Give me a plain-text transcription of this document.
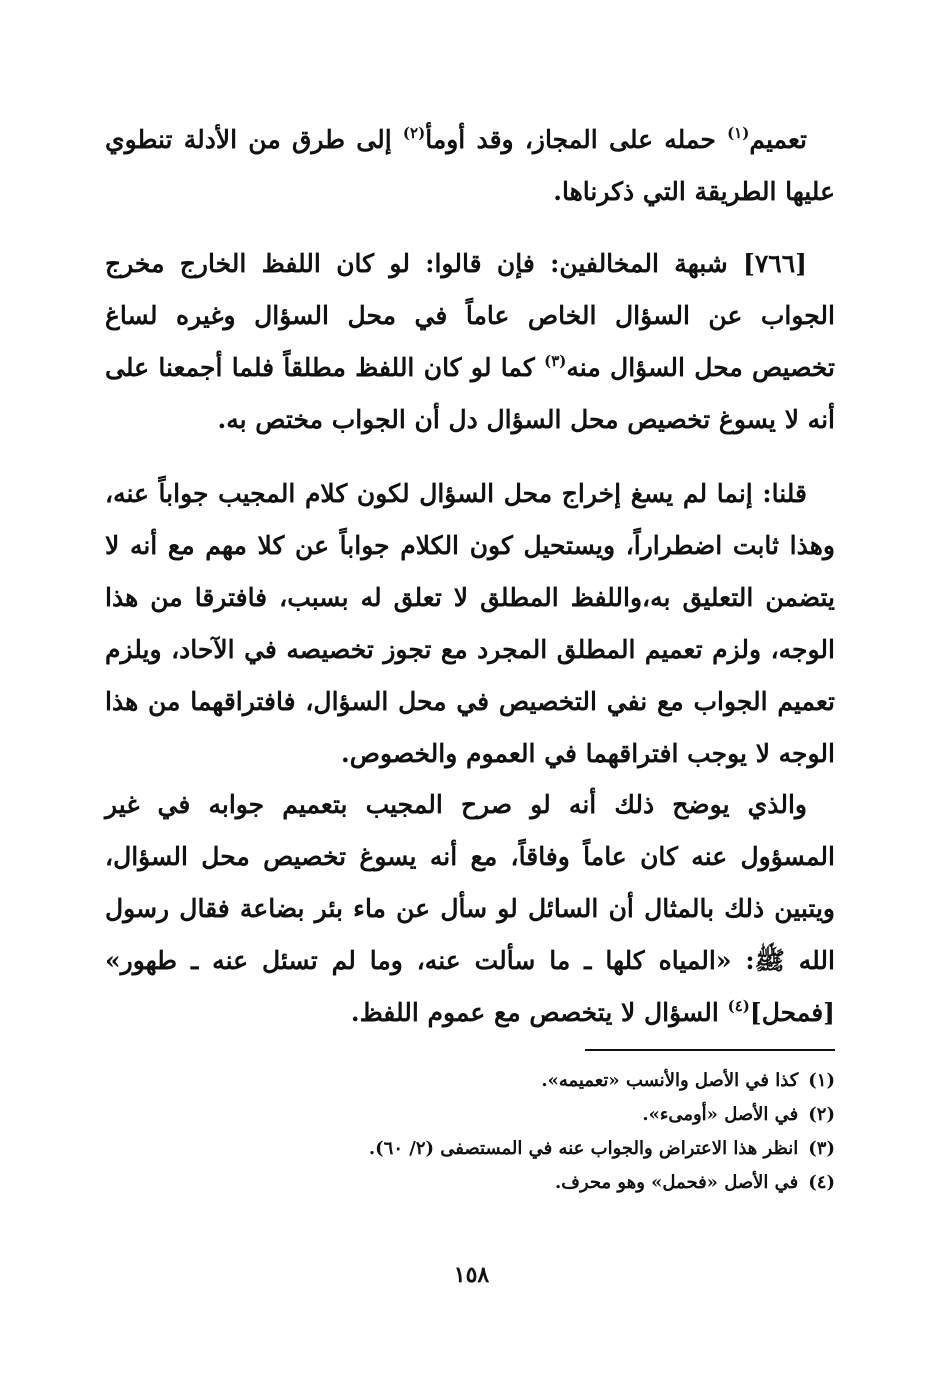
تعميم$^{(١)}$ حمله على المجاز، وقد أومأ$^{(٢)}$ إلى طرق من الأدلة تنطوي عليها الطريقة التي ذكرناها.

[٧٦٦] شبهة المخالفين: فإن قالوا: لو كان اللفظ الخارج مخرج الجواب عن السؤال الخاص عاماً في محل السؤال وغيره لساغ تخصيص محل السؤال منه$^{(٣)}$ كما لو كان اللفظ مطلقاً فلما أجمعنا على أنه لا يسوغ تخصيص محل السؤال دل أن الجواب مختص به.

قلنا: إنما لم يسغ إخراج محل السؤال لكون كلام المجيب جواباً عنه، وهذا ثابت اضطراراً، ويستحيل كون الكلام جواباً عن كلا مهم مع أنه لا يتضمن التعليق به،واللفظ المطلق لا تعلق له بسبب، فافترقا من هذا الوجه، ولزم تعميم المطلق المجرد مع تجوز تخصيصه في الآحاد، ويلزم تعميم الجواب مع نفي التخصيص في محل السؤال، فافتراقهما من هذا الوجه لا يوجب افتراقهما في العموم والخصوص.

والذي يوضح ذلك أنه لو صرح المجيب بتعميم جوابه في غير المسؤول عنه كان عاماً وفاقاً، مع أنه يسوغ تخصيص محل السؤال، ويتبين ذلك بالمثال أن السائل لو سأل عن ماء بئر بضاعة فقال رسول الله ﷺ: «المياه كلها ـ ما سألت عنه، وما لم تسئل عنه ـ طهور» [فمحل]$^{(٤)}$ السؤال لا يتخصص مع عموم اللفظ.

(١)
كذا في الأصل والأنسب «تعميمه».
(٢)
في الأصل «أومىء».
(٣)
انظر هذا الاعتراض والجواب عنه في المستصفى (٢/ ٦٠).
(٤)
في الأصل «فحمل» وهو محرف.
١٥٨
